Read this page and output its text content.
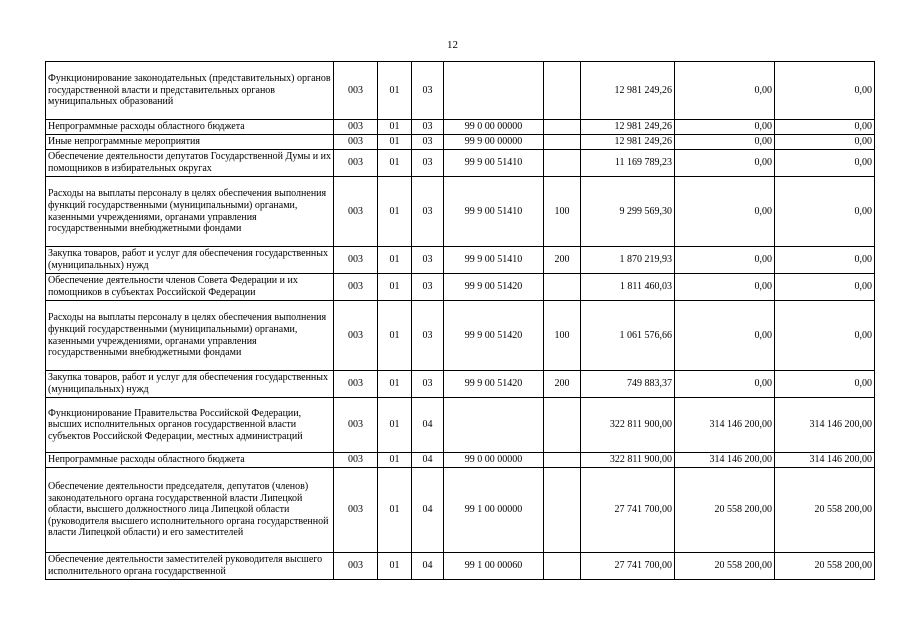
12
Функционирование законодательных (представительных) органов государственной власти и представительных органов муниципальных образований	003	01	03			12 981 249,26	0,00	0,00
Непрограммные расходы областного бюджета	003	01	03	99 0 00 00000		12 981 249,26	0,00	0,00
Иные непрограммные мероприятия	003	01	03	99 9 00 00000		12 981 249,26	0,00	0,00
Обеспечение деятельности депутатов Государственной Думы и их помощников в избирательных округах	003	01	03	99 9 00 51410		11 169 789,23	0,00	0,00
Расходы на выплаты персоналу в целях обеспечения выполнения функций государственными (муниципальными) органами, казенными учреждениями, органами управления государственными внебюджетными фондами	003	01	03	99 9 00 51410	100	9 299 569,30	0,00	0,00
Закупка товаров, работ и услуг для обеспечения государственных (муниципальных) нужд	003	01	03	99 9 00 51410	200	1 870 219,93	0,00	0,00
Обеспечение деятельности членов Совета Федерации и их помощников в субъектах Российской Федерации	003	01	03	99 9 00 51420		1 811 460,03	0,00	0,00
Расходы на выплаты персоналу в целях обеспечения выполнения функций государственными (муниципальными) органами, казенными учреждениями, органами управления государственными внебюджетными фондами	003	01	03	99 9 00 51420	100	1 061 576,66	0,00	0,00
Закупка товаров, работ и услуг для обеспечения государственных (муниципальных) нужд	003	01	03	99 9 00 51420	200	749 883,37	0,00	0,00
Функционирование Правительства Российской Федерации, высших исполнительных органов государственной власти субъектов Российской Федерации, местных администраций	003	01	04			322 811 900,00	314 146 200,00	314 146 200,00
Непрограммные расходы областного бюджета	003	01	04	99 0 00 00000		322 811 900,00	314 146 200,00	314 146 200,00
Обеспечение деятельности председателя, депутатов (членов) законодательного органа государственной власти Липецкой области, высшего должностного лица Липецкой области (руководителя высшего исполнительного органа государственной власти Липецкой области) и его заместителей	003	01	04	99 1 00 00000		27 741 700,00	20 558 200,00	20 558 200,00
Обеспечение деятельности заместителей руководителя высшего исполнительного органа государственной	003	01	04	99 1 00 00060		27 741 700,00	20 558 200,00	20 558 200,00
